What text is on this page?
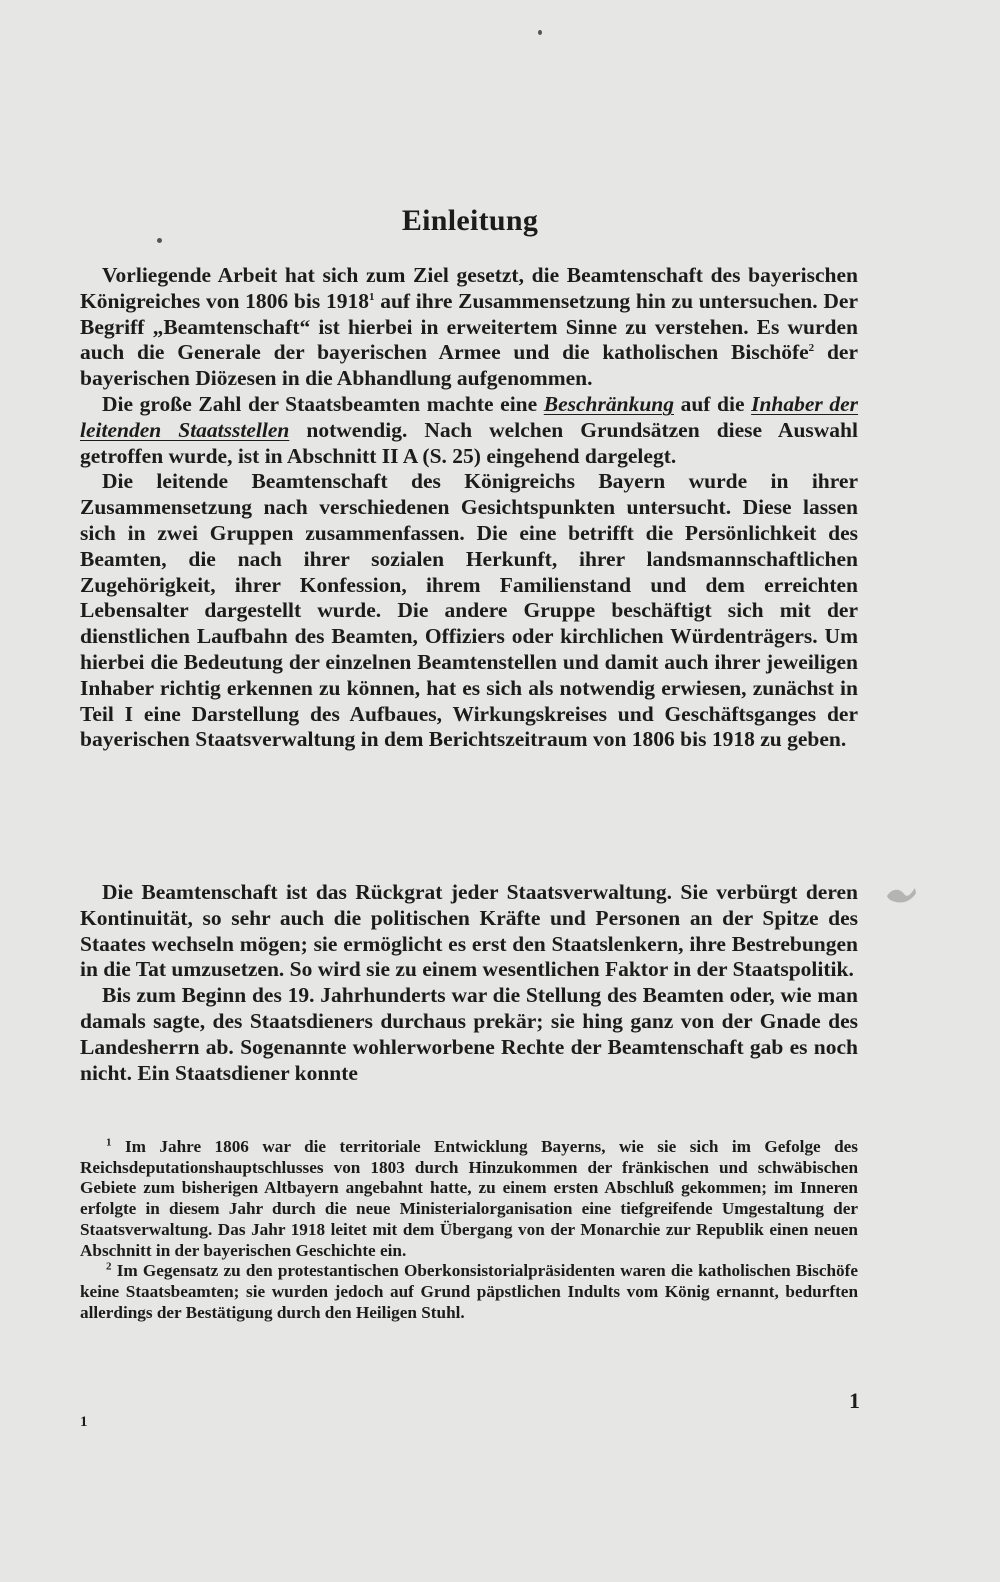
Einleitung

Vorliegende Arbeit hat sich zum Ziel gesetzt, die Beamtenschaft des bayerischen Königreiches von 1806 bis 1918$^1$ auf ihre Zusammensetzung hin zu untersuchen. Der Begriff „Beamtenschaft“ ist hierbei in erweitertem Sinne zu verstehen. Es wurden auch die Generale der bayerischen Armee und die katholischen Bischöfe$^2$ der bayerischen Diözesen in die Abhandlung aufgenommen.

Die große Zahl der Staatsbeamten machte eine Beschränkung auf die Inhaber der leitenden Staatsstellen notwendig. Nach welchen Grundsätzen diese Auswahl getroffen wurde, ist in Abschnitt II A (S. 25) eingehend dargelegt.

Die leitende Beamtenschaft des Königreichs Bayern wurde in ihrer Zusammensetzung nach verschiedenen Gesichtspunkten untersucht. Diese lassen sich in zwei Gruppen zusammenfassen. Die eine betrifft die Persönlichkeit des Beamten, die nach ihrer sozialen Herkunft, ihrer landsmannschaftlichen Zugehörigkeit, ihrer Konfession, ihrem Familienstand und dem erreichten Lebensalter dargestellt wurde. Die andere Gruppe beschäftigt sich mit der dienstlichen Laufbahn des Beamten, Offiziers oder kirchlichen Würdenträgers. Um hierbei die Bedeutung der einzelnen Beamtenstellen und damit auch ihrer jeweiligen Inhaber richtig erkennen zu können, hat es sich als notwendig erwiesen, zunächst in Teil I eine Darstellung des Aufbaues, Wirkungskreises und Geschäftsganges der bayerischen Staatsverwaltung in dem Berichtszeitraum von 1806 bis 1918 zu geben.

Die Beamtenschaft ist das Rückgrat jeder Staatsverwaltung. Sie verbürgt deren Kontinuität, so sehr auch die politischen Kräfte und Personen an der Spitze des Staates wechseln mögen; sie ermöglicht es erst den Staatslenkern, ihre Bestrebungen in die Tat umzusetzen. So wird sie zu einem wesentlichen Faktor in der Staatspolitik.

Bis zum Beginn des 19. Jahrhunderts war die Stellung des Beamten oder, wie man damals sagte, des Staatsdieners durchaus prekär; sie hing ganz von der Gnade des Landesherrn ab. Sogenannte wohlerworbene Rechte der Beamtenschaft gab es noch nicht. Ein Staatsdiener konnte

$^1$ Im Jahre 1806 war die territoriale Entwicklung Bayerns, wie sie sich im Gefolge des Reichsdeputationshauptschlusses von 1803 durch Hinzukommen der fränkischen und schwäbischen Gebiete zum bisherigen Altbayern angebahnt hatte, zu einem ersten Abschluß gekommen; im Inneren erfolgte in diesem Jahr durch die neue Ministerialorganisation eine tiefgreifende Umgestaltung der Staatsverwaltung. Das Jahr 1918 leitet mit dem Übergang von der Monarchie zur Republik einen neuen Abschnitt in der bayerischen Geschichte ein.

$^2$ Im Gegensatz zu den protestantischen Oberkonsistorialpräsidenten waren die katholischen Bischöfe keine Staatsbeamten; sie wurden jedoch auf Grund päpstlichen Indults vom König ernannt, bedurften allerdings der Bestätigung durch den Heiligen Stuhl.

1
1
